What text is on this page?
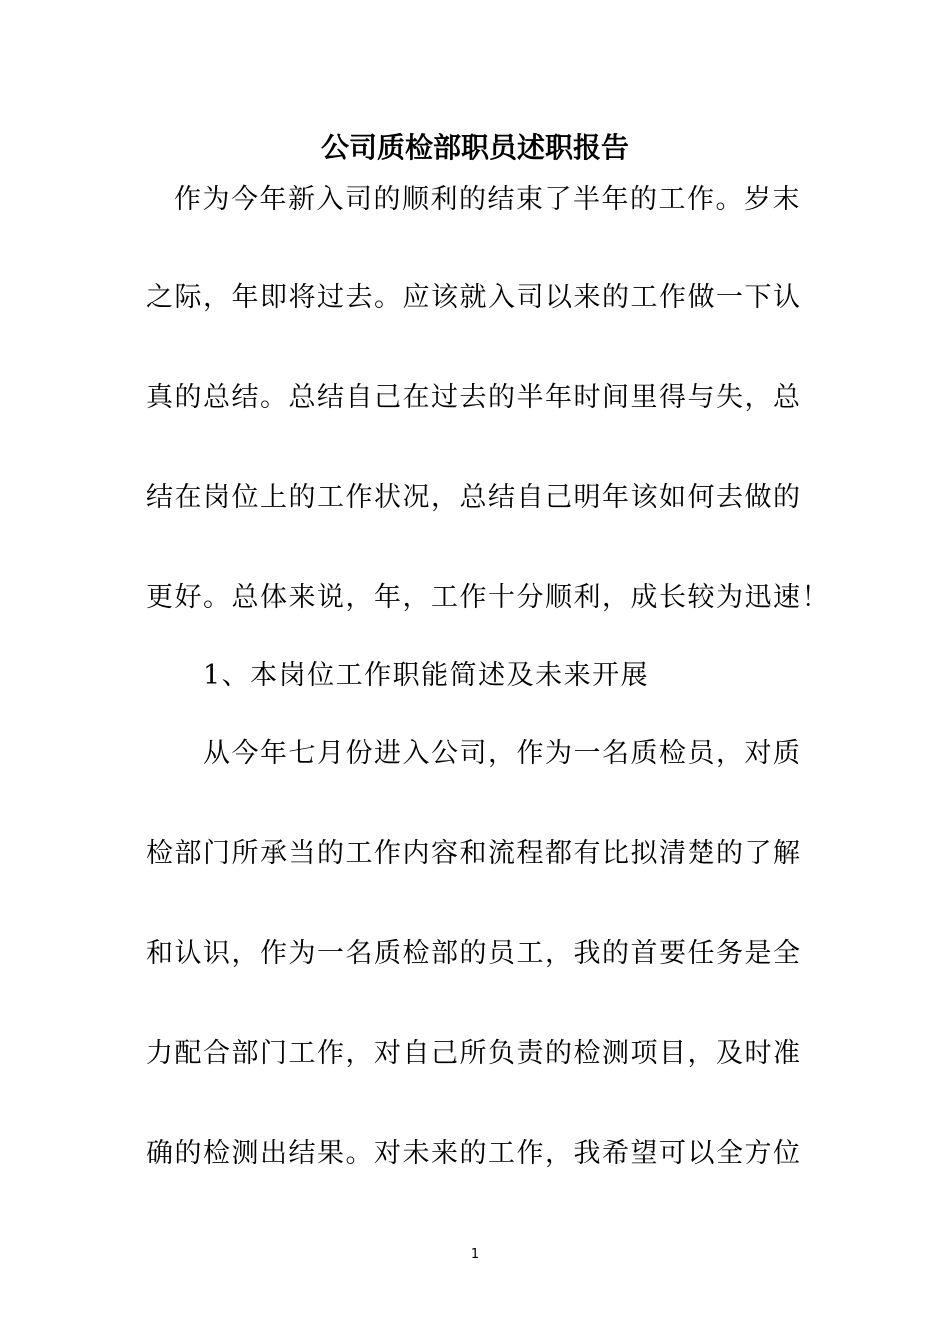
公司质检部职员述职报告
作为今年新入司的顺利的结束了半年的工作。岁末
之际，年即将过去。应该就入司以来的工作做一下认
真的总结。总结自己在过去的半年时间里得与失，总
结在岗位上的工作状况，总结自己明年该如何去做的
更好。总体来说，年，工作十分顺利，成长较为迅速！
1、本岗位工作职能简述及未来开展
从今年七月份进入公司，作为一名质检员，对质
检部门所承当的工作内容和流程都有比拟清楚的了解
和认识，作为一名质检部的员工，我的首要任务是全
力配合部门工作，对自己所负责的检测项目，及时准
确的检测出结果。对未来的工作，我希望可以全方位
1
